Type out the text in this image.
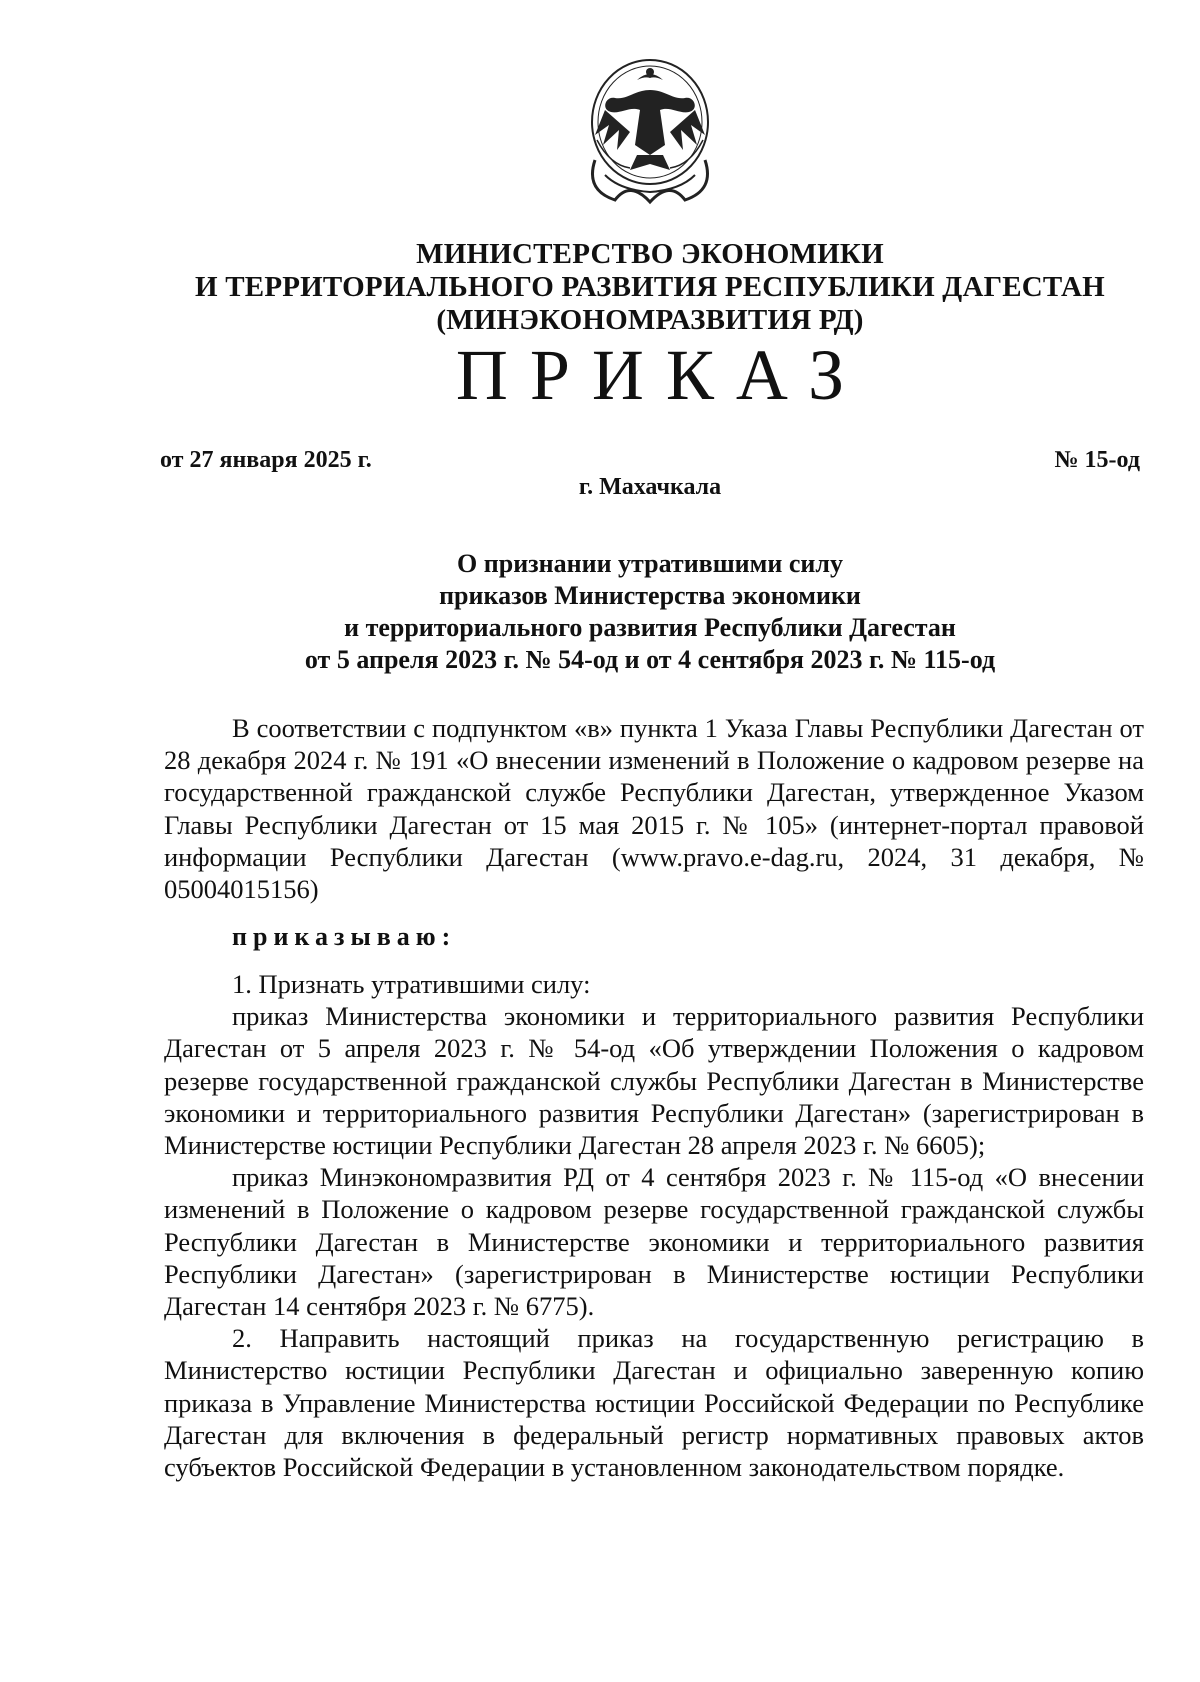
МИНИСТЕРСТВО ЭКОНОМИКИ
И ТЕРРИТОРИАЛЬНОГО РАЗВИТИЯ РЕСПУБЛИКИ ДАГЕСТАН
(МИНЭКОНОМРАЗВИТИЯ РД)
ПРИКАЗ
от 27 января 2025 г.	№ 15-од
г. Махачкала
О признании утратившими силу
приказов Министерства экономики
и территориального развития Республики Дагестан
от 5 апреля 2023 г. № 54-од и от 4 сентября 2023 г. № 115-од

В соответствии с подпунктом «в» пункта 1 Указа Главы Республики Дагестан от 28 декабря 2024 г. № 191 «О внесении изменений в Положение о кадровом резерве на государственной гражданской службе Республики Дагестан, утвержденное Указом Главы Республики Дагестан от 15 мая 2015 г. № 105» (интернет-портал правовой информации Республики Дагестан (www.pravo.e-dag.ru, 2024, 31 декабря, № 05004015156)

приказываю:

1. Признать утратившими силу:

приказ Министерства экономики и территориального развития Республики Дагестан от 5 апреля 2023 г. № 54-од «Об утверждении Положения о кадровом резерве государственной гражданской службы Республики Дагестан в Министерстве экономики и территориального развития Республики Дагестан» (зарегистрирован в Министерстве юстиции Республики Дагестан 28 апреля 2023 г. № 6605);

приказ Минэкономразвития РД от 4 сентября 2023 г. № 115-од «О внесении изменений в Положение о кадровом резерве государственной гражданской службы Республики Дагестан в Министерстве экономики и территориального развития Республики Дагестан» (зарегистрирован в Министерстве юстиции Республики Дагестан 14 сентября 2023 г. № 6775).

2. Направить настоящий приказ на государственную регистрацию в Министерство юстиции Республики Дагестан и официально заверенную копию приказа в Управление Министерства юстиции Российской Федерации по Республике Дагестан для включения в федеральный регистр нормативных правовых актов субъектов Российской Федерации в установленном законодательством порядке.
